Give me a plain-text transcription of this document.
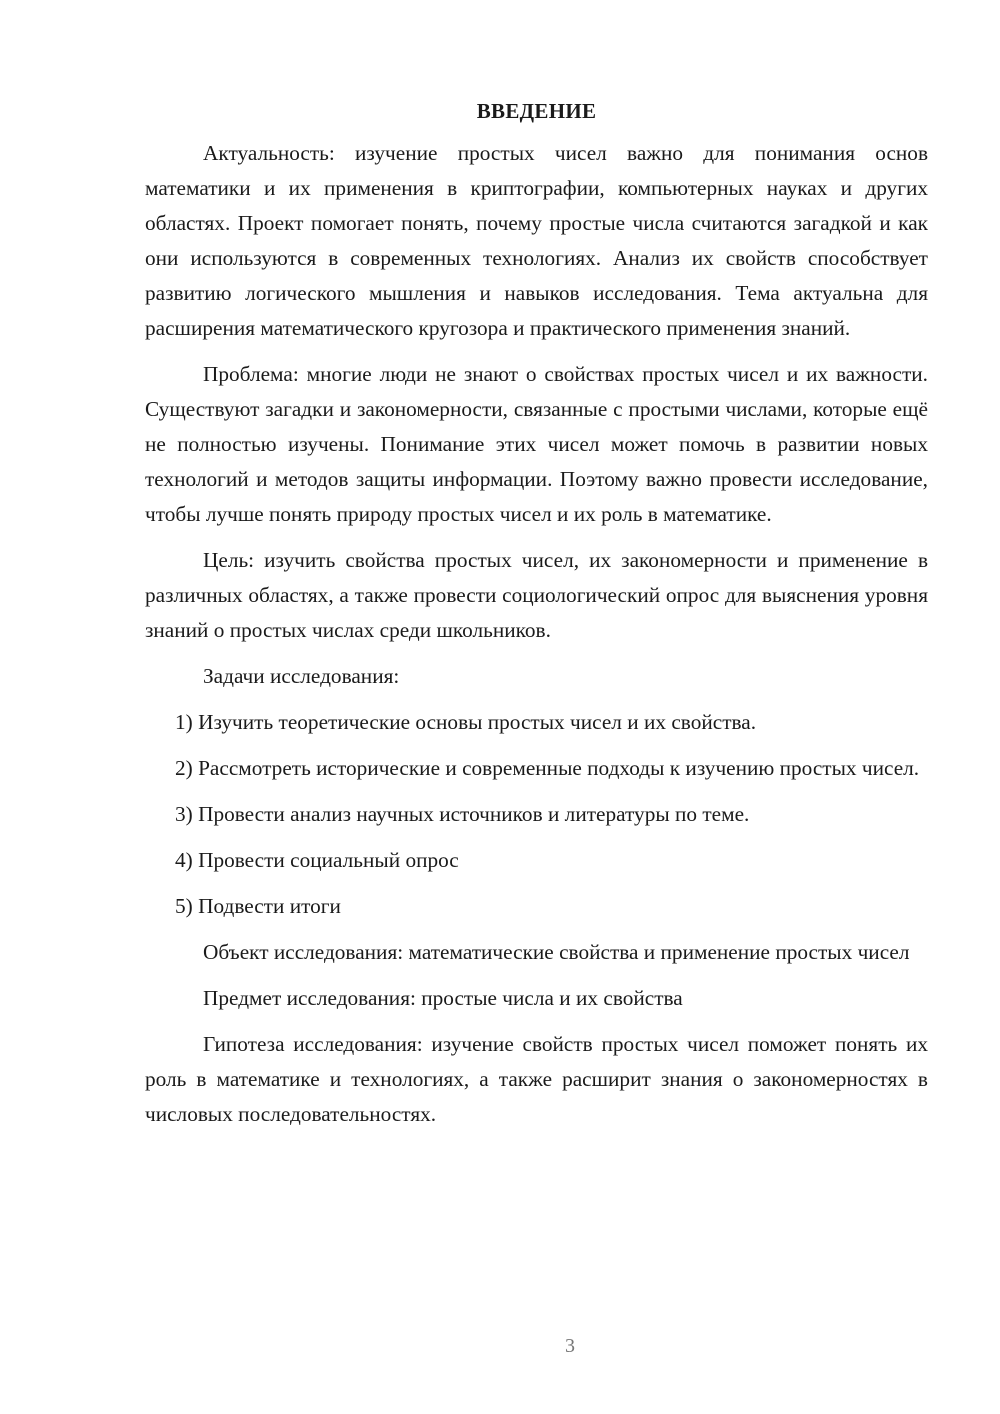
ВВЕДЕНИЕ

Актуальность: изучение простых чисел важно для понимания основ математики и их применения в криптографии, компьютерных науках и других областях. Проект помогает понять, почему простые числа считаются загадкой и как они используются в современных технологиях. Анализ их свойств способствует развитию логического мышления и навыков исследования. Тема актуальна для расширения математического кругозора и практического применения знаний.

Проблема: многие люди не знают о свойствах простых чисел и их важности. Существуют загадки и закономерности, связанные с простыми числами, которые ещё не полностью изучены. Понимание этих чисел может помочь в развитии новых технологий и методов защиты информации. Поэтому важно провести исследование, чтобы лучше понять природу простых чисел и их роль в математике.

Цель: изучить свойства простых чисел, их закономерности и применение в различных областях, а также провести социологический опрос для выяснения уровня знаний о простых числах среди школьников.

Задачи исследования:

1) Изучить теоретические основы простых чисел и их свойства.

2) Рассмотреть исторические и современные подходы к изучению простых чисел.

3) Провести анализ научных источников и литературы по теме.

4) Провести социальный опрос

5) Подвести итоги

Объект исследования: математические свойства и применение простых чисел

Предмет исследования: простые числа и их свойства

Гипотеза исследования: изучение свойств простых чисел поможет понять их роль в математике и технологиях, а также расширит знания о закономерностях в числовых последовательностях.

3
